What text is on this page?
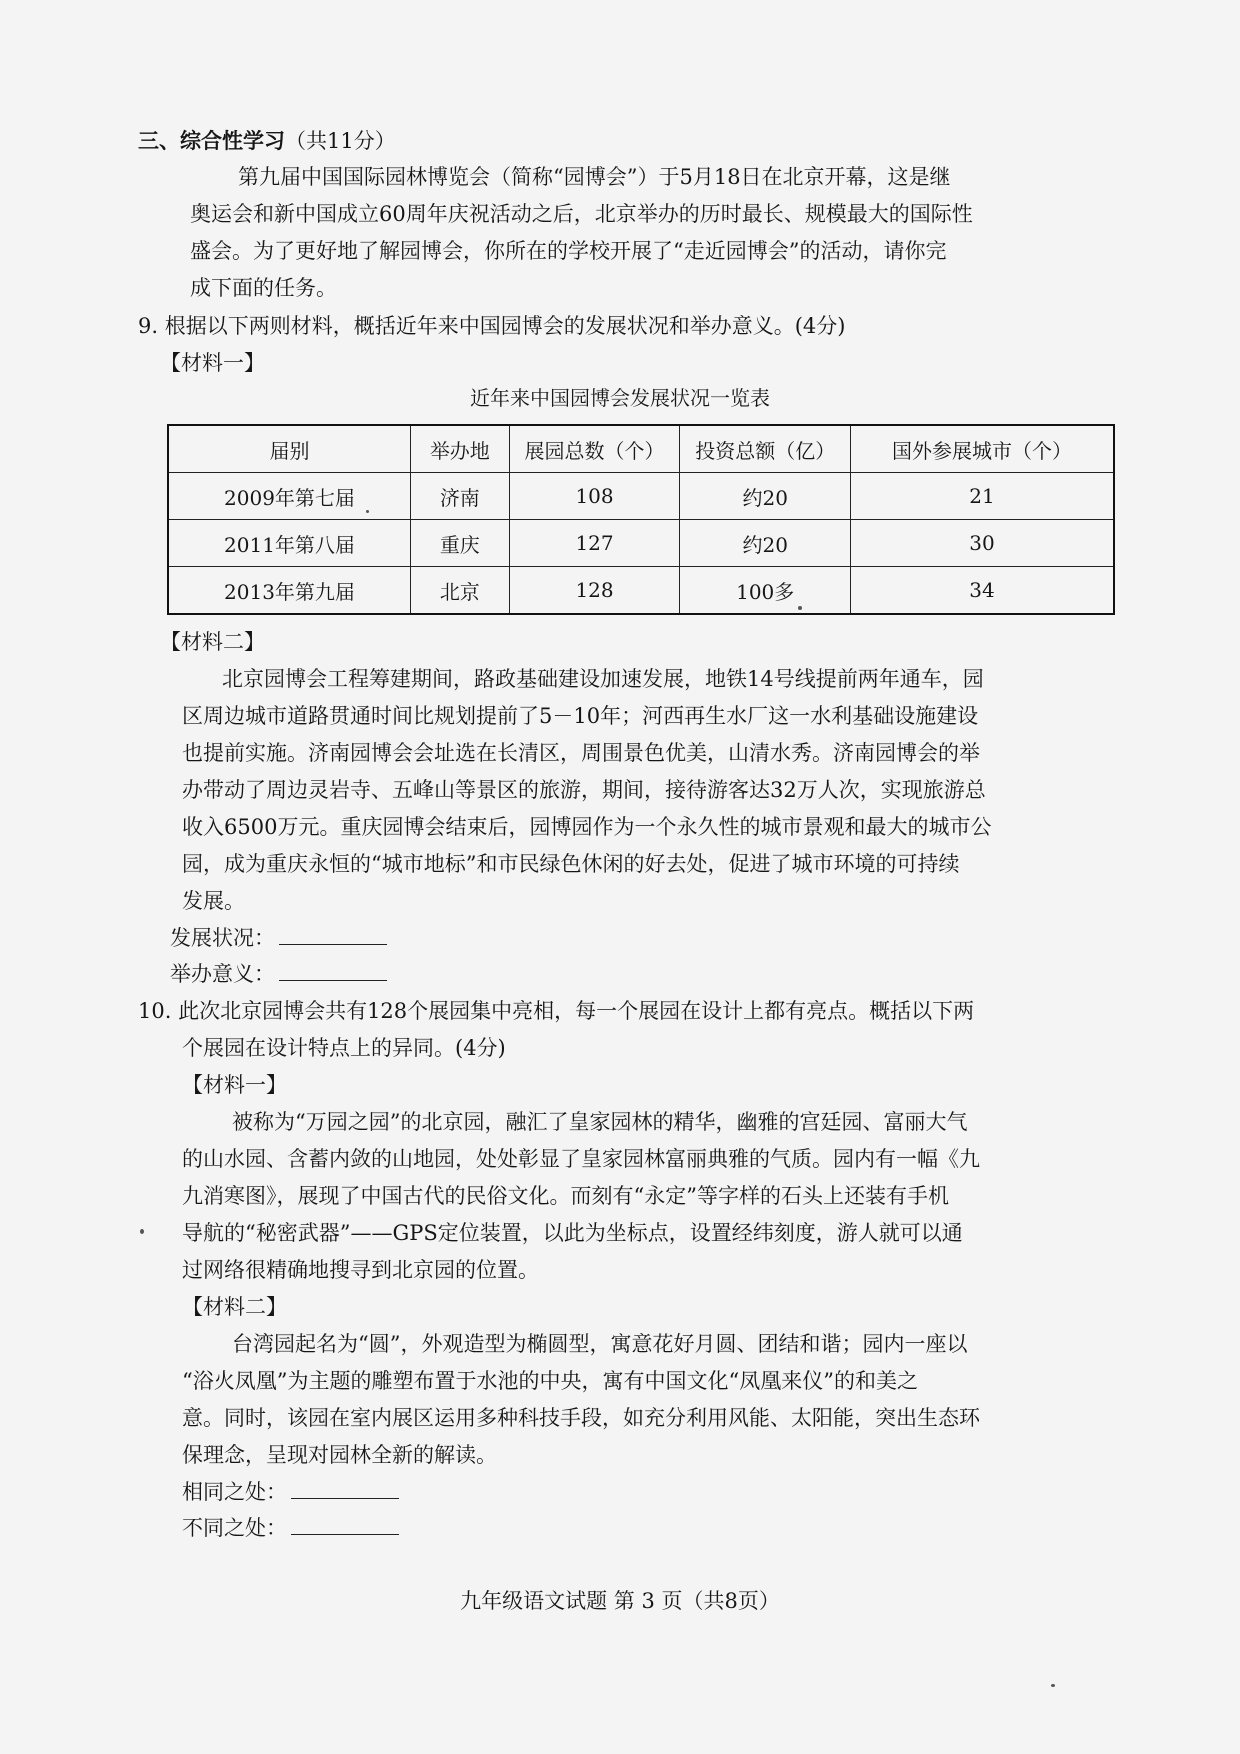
三、综合性学习（共11分）
第九届中国国际园林博览会（简称“园博会”）于5月18日在北京开幕，这是继
奥运会和新中国成立60周年庆祝活动之后，北京举办的历时最长、规模最大的国际性
盛会。为了更好地了解园博会，你所在的学校开展了“走近园博会”的活动，请你完
成下面的任务。
9. 根据以下两则材料，概括近年来中国园博会的发展状况和举办意义。(4分)
【材料一】
近年来中国园博会发展状况一览表
届别	举办地	展园总数（个）	投资总额（亿）	国外参展城市（个）
2009年第七届	济南	108	约20	21
2011年第八届	重庆	127	约20	30
2013年第九届	北京	128	100多	34
【材料二】
北京园博会工程筹建期间，路政基础建设加速发展，地铁14号线提前两年通车，园
区周边城市道路贯通时间比规划提前了5－10年；河西再生水厂这一水利基础设施建设
也提前实施。济南园博会会址选在长清区，周围景色优美，山清水秀。济南园博会的举
办带动了周边灵岩寺、五峰山等景区的旅游，期间，接待游客达32万人次，实现旅游总
收入6500万元。重庆园博会结束后，园博园作为一个永久性的城市景观和最大的城市公
园，成为重庆永恒的“城市地标”和市民绿色休闲的好去处，促进了城市环境的可持续
发展。
发展状况：
举办意义：
10. 此次北京园博会共有128个展园集中亮相，每一个展园在设计上都有亮点。概括以下两
个展园在设计特点上的异同。(4分)
【材料一】
被称为“万园之园”的北京园，融汇了皇家园林的精华，幽雅的宫廷园、富丽大气
的山水园、含蓄内敛的山地园，处处彰显了皇家园林富丽典雅的气质。园内有一幅《九
九消寒图》，展现了中国古代的民俗文化。而刻有“永定”等字样的石头上还装有手机
导航的“秘密武器”——GPS定位装置，以此为坐标点，设置经纬刻度，游人就可以通
过网络很精确地搜寻到北京园的位置。
【材料二】
台湾园起名为“圆”，外观造型为椭圆型，寓意花好月圆、团结和谐；园内一座以
“浴火凤凰”为主题的雕塑布置于水池的中央，寓有中国文化“凤凰来仪”的和美之
意。同时，该园在室内展区运用多种科技手段，如充分利用风能、太阳能，突出生态环
保理念，呈现对园林全新的解读。
相同之处：
不同之处：
九年级语文试题 第 3 页（共8页）
